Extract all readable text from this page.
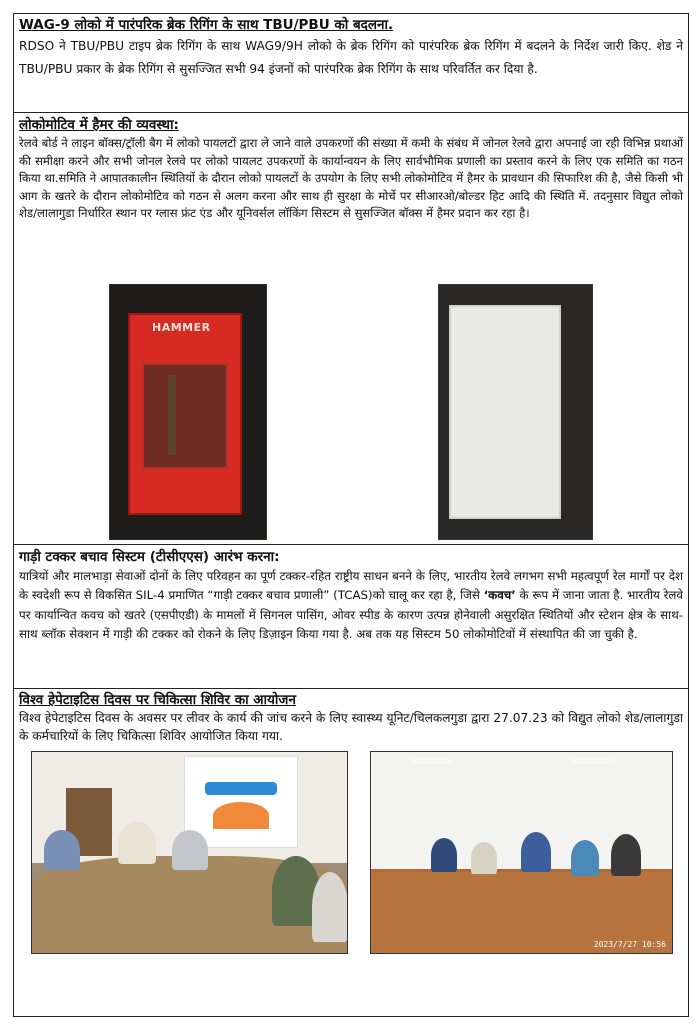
WAG-9 लोको में पारंपरिक ब्रेक रिगिंग के साथ TBU/PBU को बदलना.
RDSO ने TBU/PBU टाइप ब्रेक रिगिंग के साथ WAG9/9H लोको के ब्रेक रिगिंग को पारंपरिक ब्रेक रिगिंग में बदलने के निर्देश जारी किए. शेड ने TBU/PBU प्रकार के ब्रेक रिगिंग से सुसज्जित सभी 94 इंजनों को पारंपरिक ब्रेक रिगिंग के साथ परिवर्तित कर दिया है.
लोकोमोटिव में हैमर की व्यवस्था:
रेलवे बोर्ड ने लाइन बॉक्स/ट्रॉली बैग में लोको पायलटों द्वारा ले जाने वाले उपकरणों की संख्या में कमी के संबंध में जोनल रेलवे द्वारा अपनाई जा रही विभिन्न प्रथाओं की समीक्षा करने और सभी जोनल रेलवे पर लोको पायलट उपकरणों के कार्यान्वयन के लिए सार्वभौमिक प्रणाली का प्रस्ताव करने के लिए एक समिति का गठन किया था.समिति ने आपातकालीन स्थितियों के दौरान लोको पायलटों के उपयोग के लिए सभी लोकोमोटिव में हैमर के प्रावधान की सिफारिश की है, जैसे किसी भी आग के खतरे के दौरान लोकोमोटिव को गठन से अलग करना और साथ ही सुरक्षा के मोर्चे पर सीआरओ/बोल्डर हिट आदि की स्थिति में. तदनुसार विद्युत लोको शेड/लालागुडा निर्धारित स्थान पर ग्लास फ्रंट एंड और यूनिवर्सल लॉकिंग सिस्टम से सुसज्जित बॉक्स में हैमर प्रदान कर रहा है।
HAMMER
गाड़ी टक्कर बचाव सिस्टम (टीसीएएस) आरंभ करना:
यात्रियों और मालभाड़ा सेवाओं दोनों के लिए परिवहन का पूर्ण टक्कर-रहित राष्ट्रीय साधन बनने के लिए, भारतीय रेलवे लगभग सभी महत्वपूर्ण रेल मार्गों पर देश के स्वदेशी रूप से विकसित SIL-4 प्रमाणित “गाड़ी टक्कर बचाव प्रणाली” (TCAS)को चालू कर रहा है, जिसे ‘कवच’ के रूप में जाना जाता है. भारतीय रेलवे पर कार्यान्वित कवच को खतरे (एसपीएडी) के मामलों में सिगनल पासिंग, ओवर स्पीड के कारण उत्पन्न होनेवाली असुरक्षित स्थितियों और स्टेशन क्षेत्र के साथ-साथ ब्लॉक सेक्शन में गाड़ी की टक्कर को रोकने के लिए डिज़ाइन किया गया है. अब तक यह सिस्टम 50 लोकोमोटिवों में संस्थापित की जा चुकी है.
विश्व हेपेटाइटिस दिवस पर चिकित्सा शिविर का आयोजन
विश्व हेपेटाइटिस दिवस के अवसर पर लीवर के कार्य की जांच करने के लिए स्वास्थ्य यूनिट/चिलकलगुडा द्वारा 27.07.23 को विद्युत लोको शेड/लालागुडा के कर्मचारियों के लिए चिकित्सा शिविर आयोजित किया गया.
2023/7/27 10:56
